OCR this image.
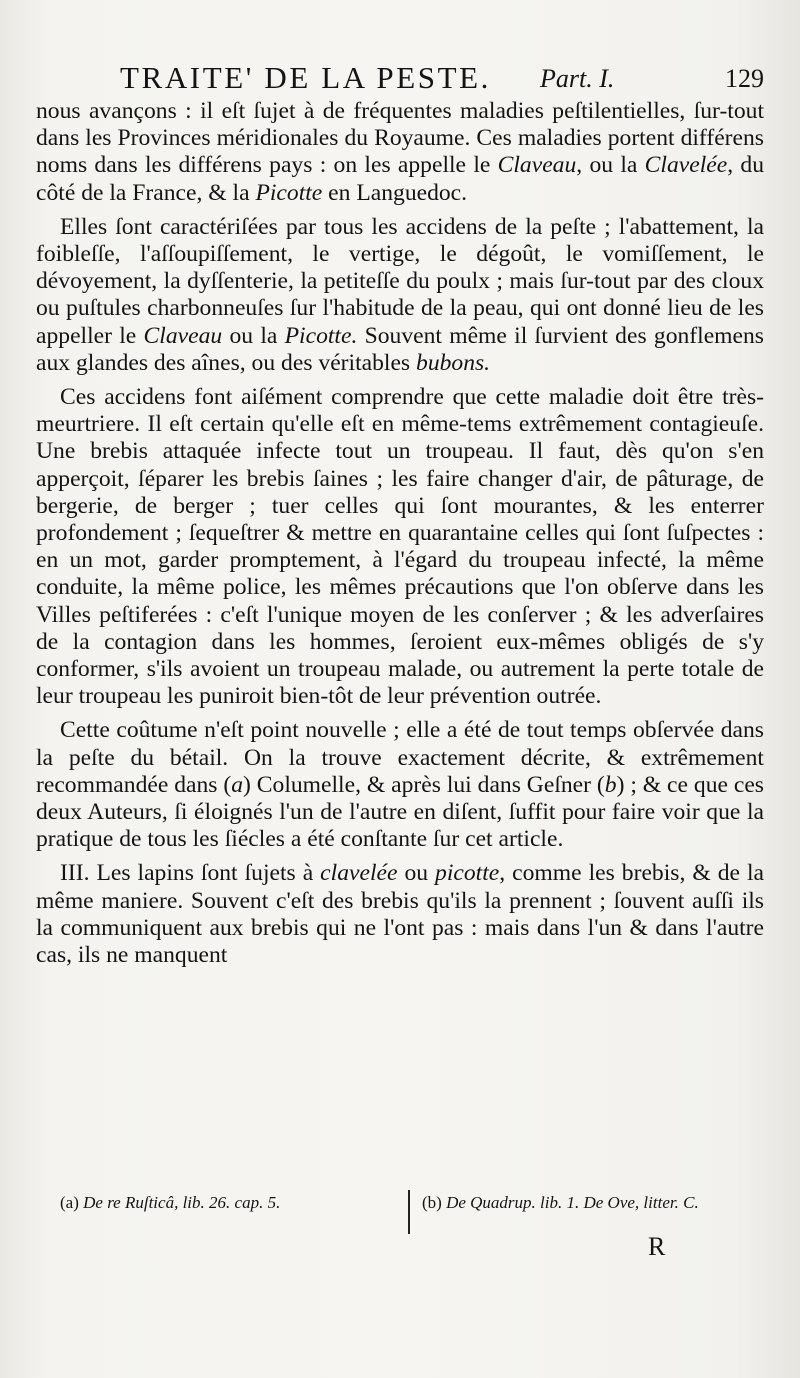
TRAITE' DE LA PESTE. Part. I.	129

nous avançons : il eſt ſujet à de fréquentes maladies peſtilentielles, ſur-tout dans les Provinces méridionales du Royaume. Ces maladies portent différens noms dans les différens pays : on les appelle le Claveau, ou la Clavelée, du côté de la France, & la Picotte en Languedoc.

Elles ſont caractériſées par tous les accidens de la peſte ; l'abattement, la foibleſſe, l'aſſoupiſſement, le vertige, le dégoût, le vomiſſement, le dévoyement, la dyſſenterie, la petiteſſe du poulx ; mais ſur-tout par des cloux ou puſtules charbonneuſes ſur l'habitude de la peau, qui ont donné lieu de les appeller le Claveau ou la Picotte. Souvent même il ſurvient des gonflemens aux glandes des aînes, ou des véritables bubons.

Ces accidens font aiſément comprendre que cette maladie doit être très-meurtriere. Il eſt certain qu'elle eſt en même-tems extrêmement contagieuſe. Une brebis attaquée infecte tout un troupeau. Il faut, dès qu'on s'en apperçoit, ſéparer les brebis ſaines ; les faire changer d'air, de pâturage, de bergerie, de berger ; tuer celles qui ſont mourantes, & les enterrer profondement ; ſequeſtrer & mettre en quarantaine celles qui ſont ſuſpectes : en un mot, garder promptement, à l'égard du troupeau infecté, la même conduite, la même police, les mêmes précautions que l'on obſerve dans les Villes peſtiferées : c'eſt l'unique moyen de les conſerver ; & les adverſaires de la contagion dans les hommes, ſeroient eux-mêmes obligés de s'y conformer, s'ils avoient un troupeau malade, ou autrement la perte totale de leur troupeau les puniroit bien-tôt de leur prévention outrée.

Cette coûtume n'eſt point nouvelle ; elle a été de tout temps obſervée dans la peſte du bétail. On la trouve exactement décrite, & extrêmement recommandée dans (a) Columelle, & après lui dans Geſner (b) ; & ce que ces deux Auteurs, ſi éloignés l'un de l'autre en diſent, ſuffit pour faire voir que la pratique de tous les ſiécles a été conſtante ſur cet article.

III. Les lapins ſont ſujets à clavelée ou picotte, comme les brebis, & de la même maniere. Souvent c'eſt des brebis qu'ils la prennent ; ſouvent auſſi ils la communiquent aux brebis qui ne l'ont pas : mais dans l'un & dans l'autre cas, ils ne manquent

(a) De re Ruſticâ, lib. 26. cap. 5.	(b) De Quadrup. lib. 1. De Ove, litter. C.
R
